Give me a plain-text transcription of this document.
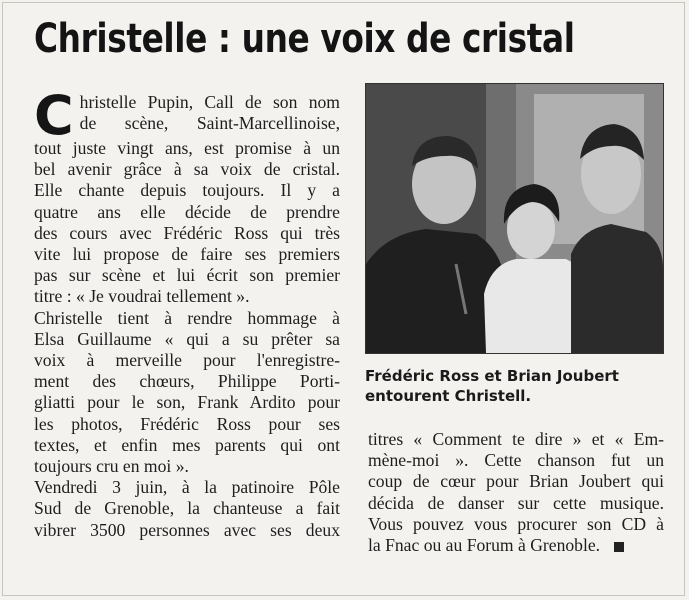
Christelle : une voix de cristal
C hristelle Pupin, Call de son nom

de scène, Saint-Marcellinoise,

tout juste vingt ans, est promise à un

bel avenir grâce à sa voix de cristal.

Elle chante depuis toujours. Il y a

quatre ans elle décide de prendre

des cours avec Frédéric Ross qui très

vite lui propose de faire ses premiers

pas sur scène et lui écrit son premier

titre : « Je voudrai tellement ».

Christelle tient à rendre hommage à

Elsa Guillaume « qui a su prêter sa

voix à merveille pour l'enregistre-

ment des chœurs, Philippe Porti-

gliatti pour le son, Frank Ardito pour

les photos, Frédéric Ross pour ses

textes, et enfin mes parents qui ont

toujours cru en moi ».

Vendredi 3 juin, à la patinoire Pôle

Sud de Grenoble, la chanteuse a fait

vibrer 3500 personnes avec ses deux

Frédéric Ross et Brian Joubert
entourent Christell.

titres « Comment te dire » et « Em-

mène-moi ». Cette chanson fut un

coup de cœur pour Brian Joubert qui

décida de danser sur cette musique.

Vous pouvez vous procurer son CD à

la Fnac ou au Forum à Grenoble.
